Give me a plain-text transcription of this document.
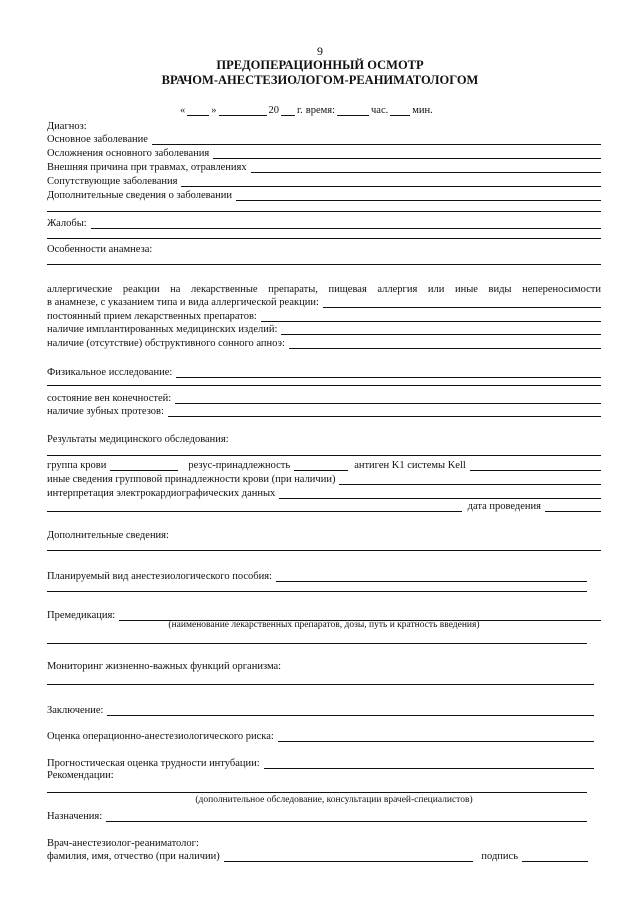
9
ПРЕДОПЕРАЦИОННЫЙ ОСМОТР
ВРАЧОМ-АНЕСТЕЗИОЛОГОМ-РЕАНИМАТОЛОГОМ
« »	20 г. время:	час. мин.
Диагноз:
Основное заболевание
Осложнения основного заболевания
Внешняя причина при травмах, отравлениях
Сопутствующие заболевания
Дополнительные сведения о заболевании
Жалобы:
Особенности анамнеза:
аллергические реакции на лекарственные препараты, пищевая аллергия или иные виды непереносимости
в анамнезе, с указанием типа и вида аллергической реакции:
постоянный прием лекарственных препаратов:
наличие имплантированных медицинских изделий:
наличие (отсутствие) обструктивного сонного апноэ:
Физикальное исследование:
состояние вен конечностей:
наличие зубных протезов:
Результаты медицинского обследования:
группа крови	резус-принадлежность	антиген K1 системы Kell
иные сведения групповой принадлежности крови (при наличии)
интерпретация электрокардиографических данных
дата проведения
Дополнительные сведения:
Планируемый вид анестезиологического пособия:
Премедикация:
(наименование лекарственных препаратов, дозы, путь и кратность введения)
Мониторинг жизненно-важных функций организма:
Заключение:
Оценка операционно-анестезиологического риска:
Прогностическая оценка трудности интубации:
Рекомендации:
(дополнительное обследование, консультации врачей-специалистов)
Назначения:
Врач-анестезиолог-реаниматолог:
фамилия, имя, отчество (при наличии)	подпись
